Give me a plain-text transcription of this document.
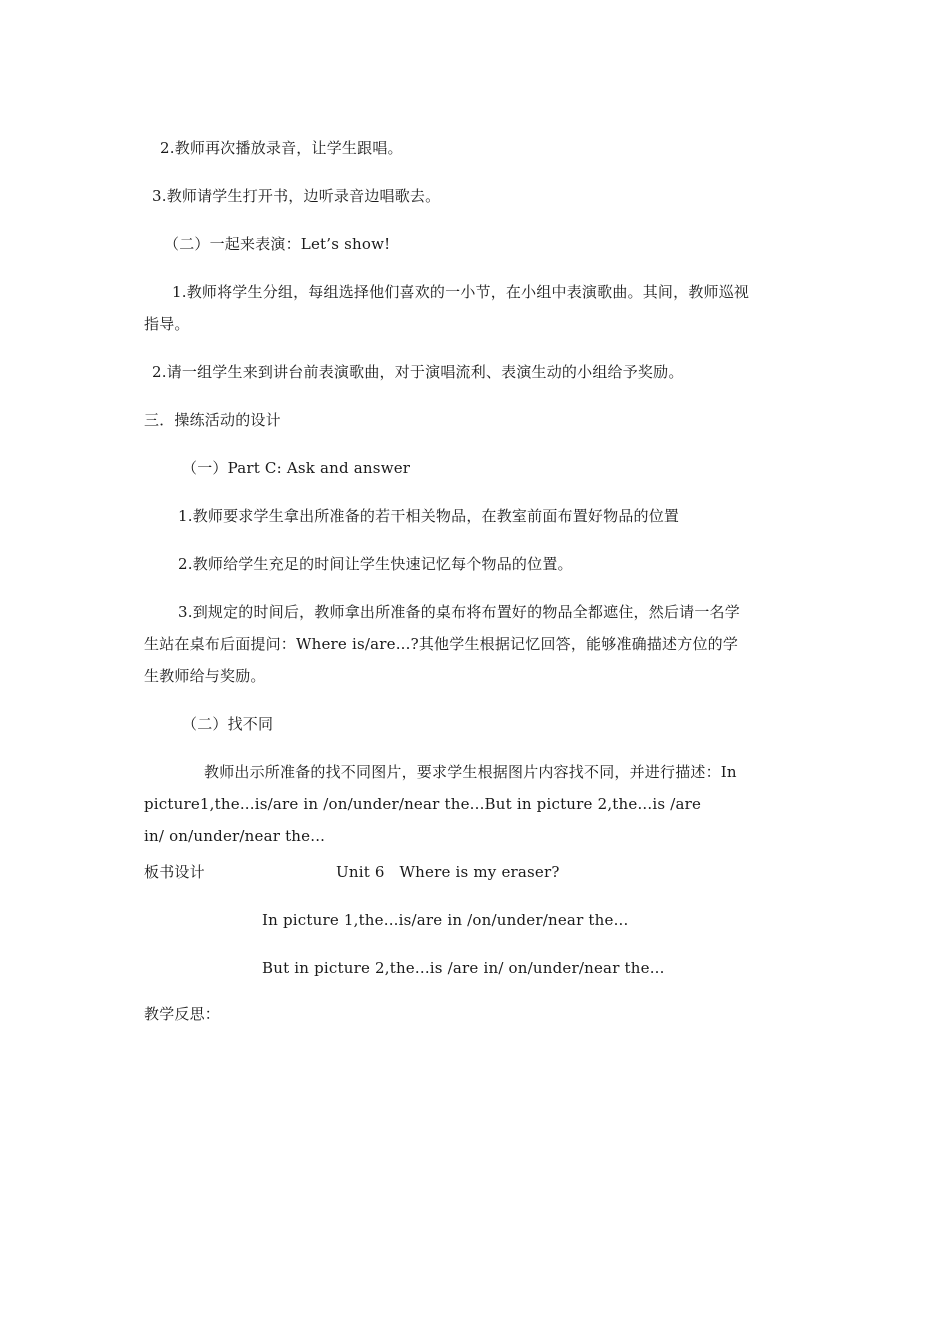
2.教师再次播放录音，让学生跟唱。
3.教师请学生打开书，边听录音边唱歌去。
（二）一起来表演：Let’s show!
1.教师将学生分组，每组选择他们喜欢的一小节，在小组中表演歌曲。其间，教师巡视
指导。
2.请一组学生来到讲台前表演歌曲，对于演唱流利、表演生动的小组给予奖励。
三．操练活动的设计
（一）Part C: Ask and answer
1.教师要求学生拿出所准备的若干相关物品，在教室前面布置好物品的位置
2.教师给学生充足的时间让学生快速记忆每个物品的位置。
3.到规定的时间后，教师拿出所准备的桌布将布置好的物品全都遮住，然后请一名学
生站在桌布后面提问：Where is/are...?其他学生根据记忆回答，能够准确描述方位的学
生教师给与奖励。
（二）找不同
教师出示所准备的找不同图片，要求学生根据图片内容找不同，并进行描述：In
picture1,the...is/are in /on/under/near the...But in picture 2,the...is /are
in/ on/under/near the...
板书设计	Unit 6   Where is my eraser?
In picture 1,the...is/are in /on/under/near the...
But in picture 2,the...is /are in/ on/under/near the...
教学反思：
